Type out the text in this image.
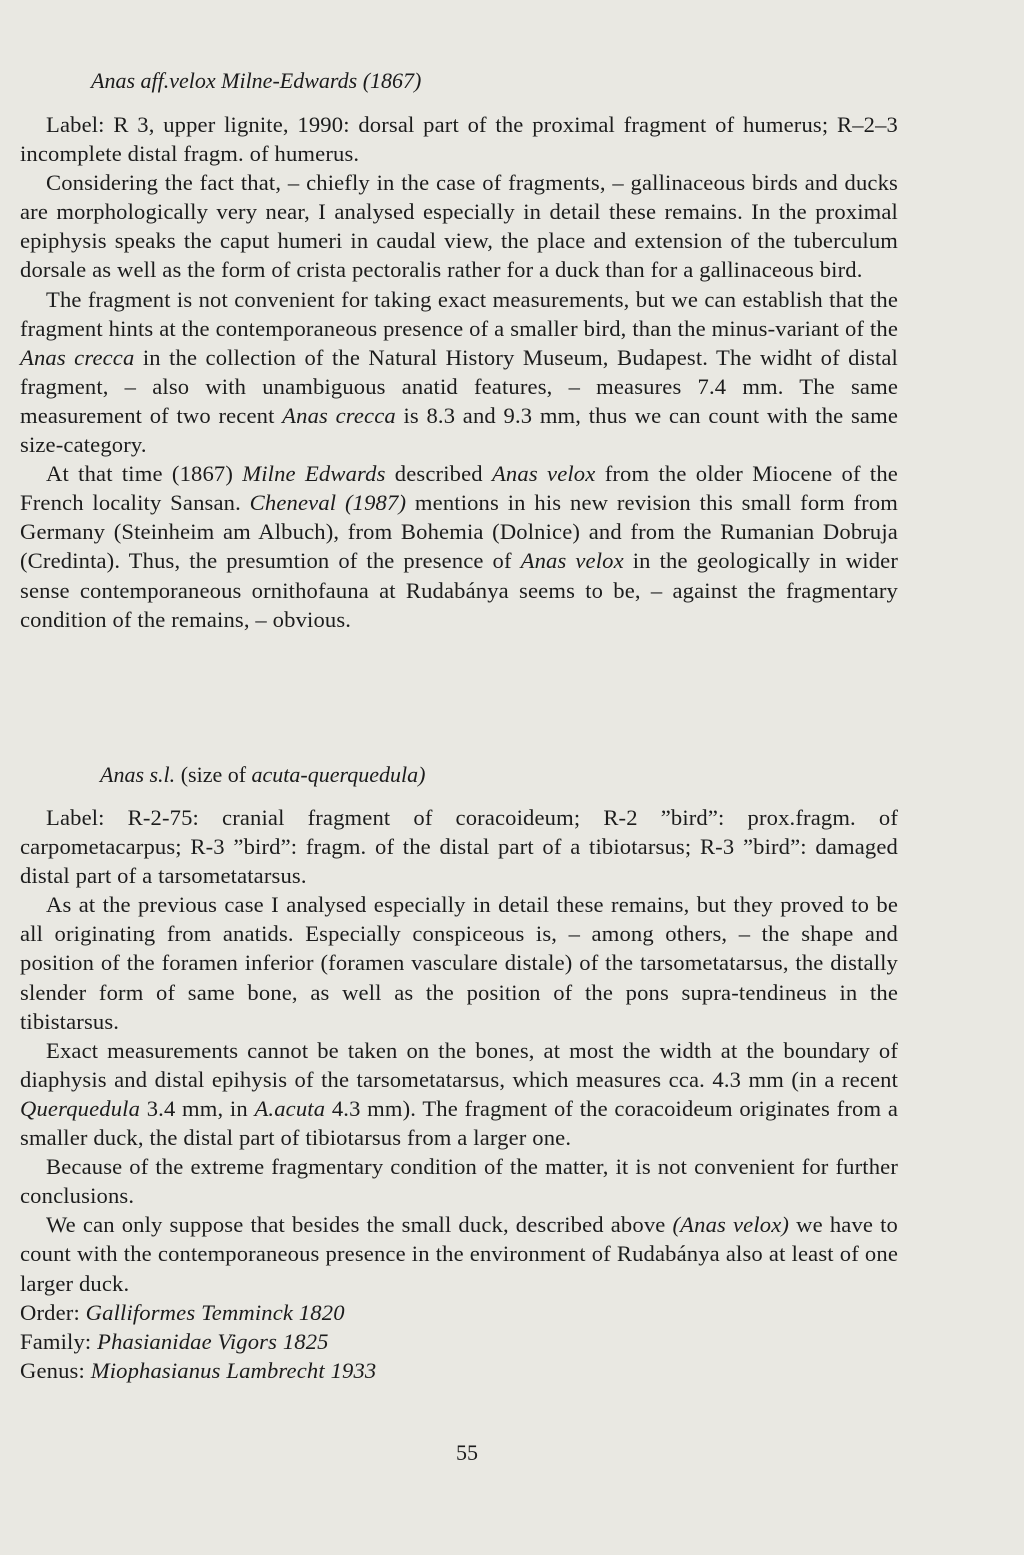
Anas aff.velox Milne-Edwards (1867)

Label: R 3, upper lignite, 1990: dorsal part of the proximal fragment of humerus; R–2–3 incomplete distal fragm. of humerus.

Considering the fact that, – chiefly in the case of fragments, – gallinaceous birds and ducks are morphologically very near, I analysed especially in detail these remains. In the proximal epiphysis speaks the caput humeri in caudal view, the place and extension of the tuberculum dorsale as well as the form of crista pectoralis rather for a duck than for a gallinaceous bird.

The fragment is not convenient for taking exact measurements, but we can establish that the fragment hints at the contemporaneous presence of a smaller bird, than the minus-variant of the Anas crecca in the collection of the Natural History Museum, Budapest. The widht of distal fragment, – also with unambiguous anatid features, – measures 7.4 mm. The same measurement of two recent Anas crecca is 8.3 and 9.3 mm, thus we can count with the same size-category.

At that time (1867) Milne Edwards described Anas velox from the older Miocene of the French locality Sansan. Cheneval (1987) mentions in his new revision this small form from Germany (Steinheim am Albuch), from Bohemia (Dolnice) and from the Rumanian Dobruja (Credinta). Thus, the presumtion of the presence of Anas velox in the geologically in wider sense contemporaneous ornithofauna at Rudabánya seems to be, – against the fragmentary condition of the remains, – obvious.

Anas s.l. (size of acuta-querquedula)

Label: R-2-75: cranial fragment of coracoideum; R-2 ”bird”: prox.fragm. of carpometacarpus; R-3 ”bird”: fragm. of the distal part of a tibiotarsus; R-3 ”bird”: damaged distal part of a tarsometatarsus.

As at the previous case I analysed especially in detail these remains, but they proved to be all originating from anatids. Especially conspiceous is, – among others, – the shape and position of the foramen inferior (foramen vasculare distale) of the tarsometatarsus, the distally slender form of same bone, as well as the position of the pons supra-tendineus in the tibistarsus.

Exact measurements cannot be taken on the bones, at most the width at the boundary of diaphysis and distal epihysis of the tarsometatarsus, which measures cca. 4.3 mm (in a recent Querquedula 3.4 mm, in A.acuta 4.3 mm). The fragment of the coracoideum originates from a smaller duck, the distal part of tibiotarsus from a larger one.

Because of the extreme fragmentary condition of the matter, it is not convenient for further conclusions.

We can only suppose that besides the small duck, described above (Anas velox) we have to count with the contemporaneous presence in the environment of Rudabánya also at least of one larger duck.

Order: Galliformes Temminck 1820

Family: Phasianidae Vigors 1825

Genus: Miophasianus Lambrecht 1933

55
